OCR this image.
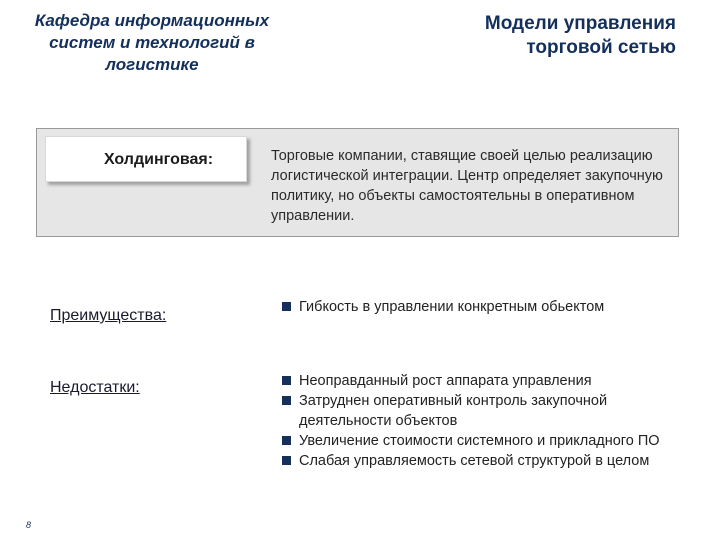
Кафедра информационных
систем и технологий в
логистике
Модели управления
торговой сетью
Холдинговая:	Торговые компании, ставящие своей целью реализацию логистической интеграции. Центр определяет закупочную политику, но объекты самостоятельны в оперативном управлении.
Преимущества:	Гибкость в управлении конкретным обьектом
Недостатки:	Неоправданный рост аппарата управления
Затруднен оперативный контроль закупочной деятельности объектов
Увеличение стоимости системного и прикладного ПО
Слабая управляемость сетевой структурой в целом
8
